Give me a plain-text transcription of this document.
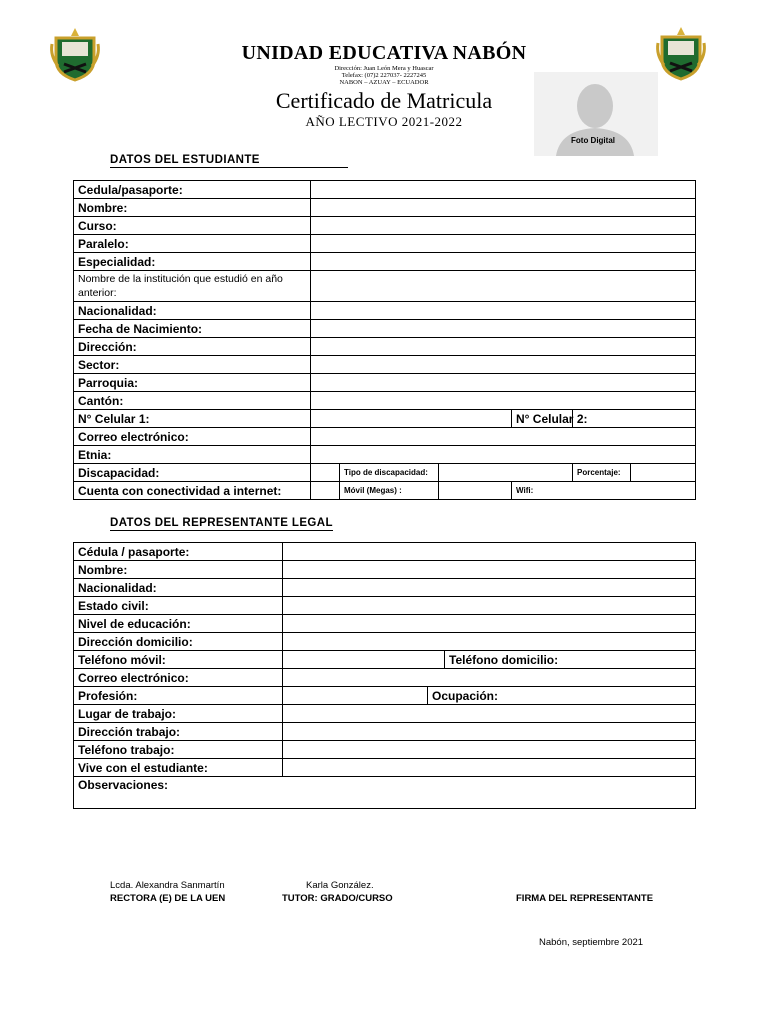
UNIDAD EDUCATIVA NABÓN
Dirección: Juan León Mera y Huascar
Telefax: (07)2 227037- 2227245
NABON – AZUAY – ECUADOR
Certificado de Matricula
AÑO LECTIVO 2021-2022
Foto Digital
DATOS DEL ESTUDIANTE
Cedula/pasaporte:						
Nombre:						
Curso:						
Paralelo:						
Especialidad:						
Nombre de la institución que estudió en año anterior:						
Nacionalidad:						
Fecha de Nacimiento:						
Dirección:						
Sector:						
Parroquia:						
Cantón:						
N° Celular 1:				N° Celular 2:		
Correo electrónico:						
Etnia:						
Discapacidad:		Tipo de discapacidad:			Porcentaje:	
Cuenta con conectividad a internet:		Móvil (Megas) :		Wifi:		
DATOS DEL REPRESENTANTE LEGAL
Cédula / pasaporte:			
Nombre:			
Nacionalidad:			
Estado civil:			
Nivel de educación:			
Dirección domicilio:			
Teléfono móvil:			Teléfono domicilio:
Correo electrónico:			
Profesión:		Ocupación:	
Lugar de trabajo:			
Dirección trabajo:			
Teléfono trabajo:			
Vive con el estudiante:			
Observaciones:			
Lcda. Alexandra Sanmartín
RECTORA (E) DE LA UEN
Karla González.
TUTOR: GRADO/CURSO	FIRMA DEL REPRESENTANTE
Nabón, septiembre 2021
